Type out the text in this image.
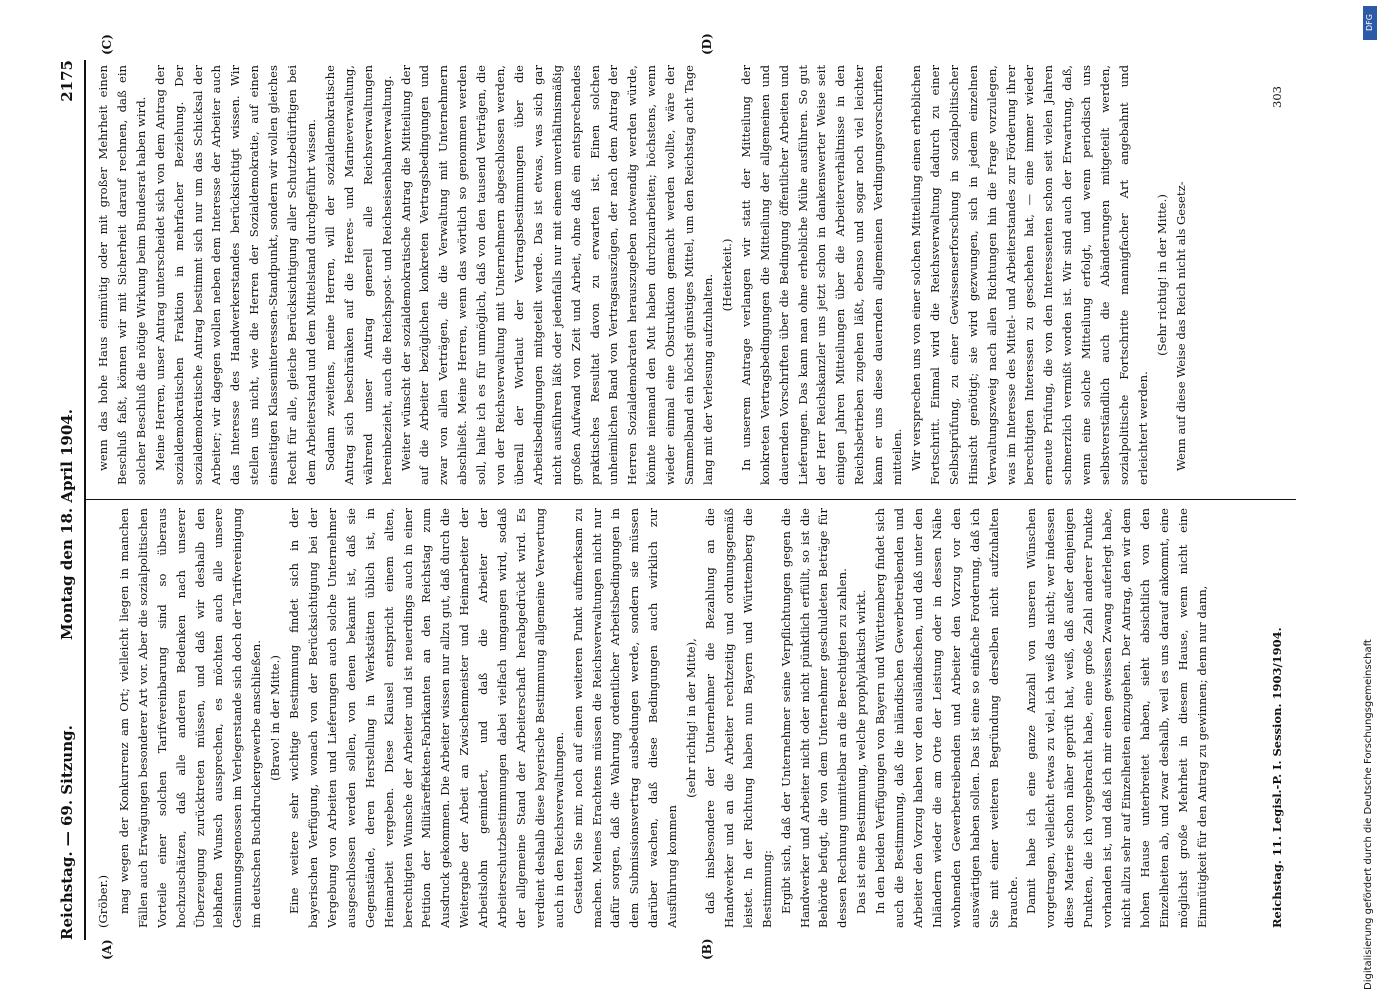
Reichstag. — 69. Sitzung.
Montag den 18. April 1904.
2175
(A)	(B)
(C)	(D)

(Gröber.) mag wegen der Konkurrenz am Ort; vielleicht liegen in manchen Fällen auch Erwägungen besonderer Art vor. Aber die sozialpolitischen Vorteile einer solchen Tarifvereinbarung sind so überaus hochzuschätzen, daß alle anderen Bedenken nach unserer Überzeugung zurücktreten müssen, und daß wir deshalb den lebhaften Wunsch aussprechen, es möchten auch alle unsere Gesinnungsgenossen im Verlegerstande sich doch der Tarifvereinigung im deutschen Buchdruckergewerbe anschließen. (Bravo! in der Mitte.) Eine weitere sehr wichtige Bestimmung findet sich in der bayerischen Verfügung, wonach von der Berücksichtigung bei der Vergebung von Arbeiten und Lieferungen auch solche Unternehmer ausgeschlossen werden sollen, von denen bekannt ist, daß sie Gegenstände, deren Herstellung in Werkstätten üblich ist, in Heimarbeit vergeben. Diese Klausel entspricht einem alten, berechtigten Wunsche der Arbeiter und ist neuerdings auch in einer Petition der Militäreffekten-Fabrikanten an den Reichstag zum Ausdruck gekommen. Die Arbeiter wissen nur allzu gut, daß durch die Weitergabe der Arbeit an Zwischenmeister und Heimarbeiter der Arbeitslohn gemindert, und daß die Arbeiter der Arbeiterschutzbestimmungen dabei vielfach umgangen wird, sodaß der allgemeine Stand der Arbeiterschaft herabgedrückt wird. Es verdient deshalb diese bayerische Bestimmung allgemeine Verwertung auch in den Reichsverwaltungen. Gestatten Sie mir, noch auf einen weiteren Punkt aufmerksam zu machen. Meines Erachtens müssen die Reichsverwaltungen nicht nur dafür sorgen, daß die Wahrung ordentlicher Arbeitsbedingungen in dem Submissionsvertrag ausbedungen werde, sondern sie müssen darüber wachen, daß diese Bedingungen auch wirklich zur Ausführung kommen

(sehr richtig! in der Mitte), daß insbesondere der Unternehmer die Bezahlung an die Handwerker und an die Arbeiter rechtzeitig und ordnungsgemäß leistet. In der Richtung haben nun Bayern und Württemberg die Bestimmung: Ergibt sich, daß der Unternehmer seine Verpflichtungen gegen die Handwerker und Arbeiter nicht oder nicht pünktlich erfüllt, so ist die Behörde befugt, die von dem Unternehmer geschuldeten Beträge für dessen Rechnung unmittelbar an die Berechtigten zu zahlen. Das ist eine Bestimmung, welche prophylaktisch wirkt. In den beiden Verfügungen von Bayern und Württemberg findet sich auch die Bestimmung, daß die inländischen Gewerbetreibenden und Arbeiter den Vorzug haben vor den ausländischen, und daß unter den Inländern wieder die am Orte der Leistung oder in dessen Nähe wohnenden Gewerbetreibenden und Arbeiter den Vorzug vor den auswärtigen haben sollen. Das ist eine so einfache Forderung, daß ich Sie mit einer weiteren Begründung derselben nicht aufzuhalten brauche. Damit habe ich eine ganze Anzahl von unseren Wünschen vorgetragen, vielleicht etwas zu viel, ich weiß das nicht; wer indessen diese Materie schon näher geprüft hat, weiß, daß außer denjenigen Punkten, die ich vorgebracht habe, eine große Zahl anderer Punkte vorhanden ist, und daß ich mir einen gewissen Zwang auferlegt habe, nicht allzu sehr auf Einzelheiten einzugehen. Der Antrag, den wir dem hohen Hause unterbreitet haben, sieht absichtlich von den Einzelheiten ab, und zwar deshalb, weil es uns darauf ankommt, eine möglichst große Mehrheit in diesem Hause, wenn nicht eine Einmütigkeit für den Antrag zu gewinnen; denn nur dann,

wenn das hohe Haus einmütig oder mit großer Mehrheit einen Beschluß faßt, können wir mit Sicherheit darauf rechnen, daß ein solcher Beschluß die nötige Wirkung beim Bundesrat haben wird. Meine Herren, unser Antrag unterscheidet sich von dem Antrag der sozialdemokratischen Fraktion in mehrfacher Beziehung. Der sozialdemokratische Antrag bestimmt sich nur um das Schicksal der Arbeiter; wir dagegen wollen neben dem Interesse der Arbeiter auch das Interesse des Handwerkerstandes berücksichtigt wissen. Wir stellen uns nicht, wie die Herren der Sozialdemokratie, auf einen einseitigen Klasseninteressen-Standpunkt, sondern wir wollen gleiches Recht für alle, gleiche Berücksichtigung aller Schutzbedürftigen bei dem Arbeiterstand und dem Mittelstand durchgeführt wissen. Sodann zweitens, meine Herren, will der sozialdemokratische Antrag sich beschränken auf die Heeres- und Marineverwaltung, während unser Antrag generell alle Reichsverwaltungen hereinbezieht, auch die Reichspost- und Reichseisenbahnverwaltung. Weiter wünscht der sozialdemokratische Antrag die Mitteilung der auf die Arbeiter bezüglichen konkreten Vertragsbedingungen und zwar von allen Verträgen, die die Verwaltung mit Unternehmern abschließt. Meine Herren, wenn das wörtlich so genommen werden soll, halte ich es für unmöglich, daß von den tausend Verträgen, die von der Reichsverwaltung mit Unternehmern abgeschlossen werden, überall der Wortlaut der Vertragsbestimmungen über die Arbeitsbedingungen mitgeteilt werde. Das ist etwas, was sich gar nicht ausführen läßt oder jedenfalls nur mit einem unverhältnismäßig großen Aufwand von Zeit und Arbeit, ohne daß ein entsprechendes praktisches Resultat davon zu erwarten ist. Einen solchen unheimlichen Band von Vertragsauszügen, der nach dem Antrag der Herren Sozialdemokraten herauszugeben notwendig werden würde, könnte niemand den Mut haben durchzuarbeiten; höchstens, wenn wieder einmal eine Obstruktion gemacht werden wollte, wäre der Sammelband ein höchst günstiges Mittel, um den Reichstag acht Tage lang mit der Verlesung aufzuhalten. (Heiterkeit.) In unserem Antrage verlangen wir statt der Mitteilung der konkreten Vertragsbedingungen die Mitteilung der allgemeinen und dauernden Vorschriften über die Bedingung öffentlicher Arbeiten und Lieferungen. Das kann man ohne erhebliche Mühe ausführen. So gut der Herr Reichskanzler uns jetzt schon in dankenswerter Weise seit einigen Jahren Mitteilungen über die Arbeiterverhältnisse in den Reichsbetrieben zugehen läßt, ebenso und sogar noch viel leichter kann er uns diese dauernden allgemeinen Verdingungsvorschriften mitteilen. Wir versprechen uns von einer solchen Mitteilung einen erheblichen Fortschritt. Einmal wird die Reichsverwaltung dadurch zu einer Selbstprüfung, zu einer Gewissenserforschung in sozialpolitischer Hinsicht genötigt; sie wird gezwungen, sich in jedem einzelnen Verwaltungszweig nach allen Richtungen hin die Frage vorzulegen, was im Interesse des Mittel- und Arbeiterstandes zur Förderung ihrer berechtigten Interessen zu geschehen hat, — eine immer wieder erneute Prüfung, die von den Interessenten schon seit vielen Jahren schmerzlich vermißt worden ist. Wir sind auch der Erwartung, daß, wenn eine solche Mitteilung erfolgt, und wenn periodisch uns selbstverständlich auch die Abänderungen mitgeteilt werden, sozialpolitische Fortschritte mannigfacher Art angebahnt und erleichtert werden.

(Sehr richtig! in der Mitte.) Wenn auf diese Weise das Reich nicht als Gesetz-

Reichstag. 11. Legisl.-P. I. Session. 1903/1904.
303
DFG
Digitalisierung gefördert durch die Deutsche Forschungsgemeinschaft
